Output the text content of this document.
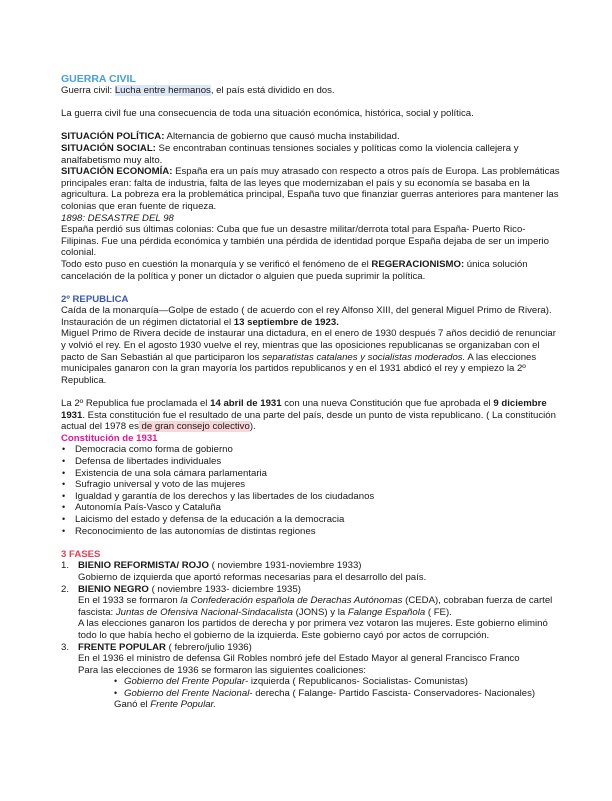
GUERRA CIVIL

Guerra civil: Lucha entre hermanos, el país está dividido en dos.

La guerra civil fue una consecuencia de toda una situación económica, histórica, social y política.

SITUACIÓN POLÍTICA: Alternancia de gobierno que causó mucha instabilidad.

SITUACIÓN SOCIAL: Se encontraban continuas tensiones sociales y políticas como la violencia callejera y analfabetismo muy alto.

SITUACIÓN ECONOMÍA: España era un país muy atrasado con respecto a otros país de Europa. Las problemáticas principales eran: falta de industria, falta de las leyes que modernizaban el país y su economía se basaba en la agricultura. La pobreza era la problemática principal, España tuvo que finanziar guerras anteriores para mantener las colonias que eran fuente de riqueza.

1898: DESASTRE DEL 98

España perdió sus últimas colonias: Cuba que fue un desastre militar/derrota total para España- Puerto Rico- Filipinas. Fue una pérdida económica y también una pérdida de identidad porque España dejaba de ser un imperio colonial.

Todo esto puso en cuestión la monarquía y se verificó el fenómeno de el REGERACIONISMO: única solución cancelación de la política y poner un dictador o alguien que pueda suprimir la política.

2º REPUBLICA

Caída de la monarquía—Golpe de estado ( de acuerdo con el rey Alfonso XIII, del general Miguel Primo de Rivera). Instauración de un régimen dictatorial el 13 septiembre de 1923.

Miguel Primo de Rivera decide de instaurar una dictadura, en el enero de 1930 después 7 años decidió de renunciar y volvió el rey. En el agosto 1930 vuelve el rey, mientras que las oposiciones republicanas se organizaban con el pacto de San Sebastián al que participaron los separatistas catalanes y socialistas moderados. A las elecciones municipales ganaron con la gran mayoría los partidos republicanos y en el 1931 abdicó el rey y empiezo la 2º Republica.

La 2º Republica fue proclamada el 14 abril de 1931 con una nueva Constitución que fue aprobada el 9 diciembre 1931. Esta constitución fue el resultado de una parte del país, desde un punto de vista republicano. ( La constitución actual del 1978 es de gran consejo colectivo).

Constitución de 1931

• Democracia como forma de gobierno
• Defensa de libertades individuales
• Existencia de una sola cámara parlamentaria
• Sufragio universal y voto de las mujeres
• Igualdad y garantía de los derechos y las libertades de los ciudadanos
• Autonomía País-Vasco y Cataluña
• Laicismo del estado y defensa de la educación a la democracia
• Reconocimiento de las autonomías de distintas regiones

3 FASES

1. BIENIO REFORMISTA/ ROJO ( noviembre 1931-noviembre 1933)

Gobierno de izquierda que aportó reformas necesarias para el desarrollo del país.

2. BIENIO NEGRO ( noviembre 1933- diciembre 1935)

En el 1933 se formaron la Confederación española de Derachas Autónomas (CEDA), cobraban fuerza de cartel fascista: Juntas de Ofensiva Nacional-Sindacalista (JONS) y la Falange Española ( FE).

A las elecciones ganaron los partidos de derecha y por primera vez votaron las mujeres. Este gobierno eliminó todo lo que había hecho el gobierno de la izquierda. Este gobierno cayó por actos de corrupción.

3. FRENTE POPULAR ( febrero/julio 1936)

En el 1936 el ministro de defensa Gil Robles nombró jefe del Estado Mayor al general Francisco Franco

Para las elecciones de 1936 se formaron las siguientes coaliciones:

• Gobierno del Frente Popular- izquierda ( Republicanos- Socialistas- Comunistas)
• Gobierno del Frente Nacional- derecha ( Falange- Partido Fascista- Conservadores- Nacionales)

Ganó el Frente Popular.
